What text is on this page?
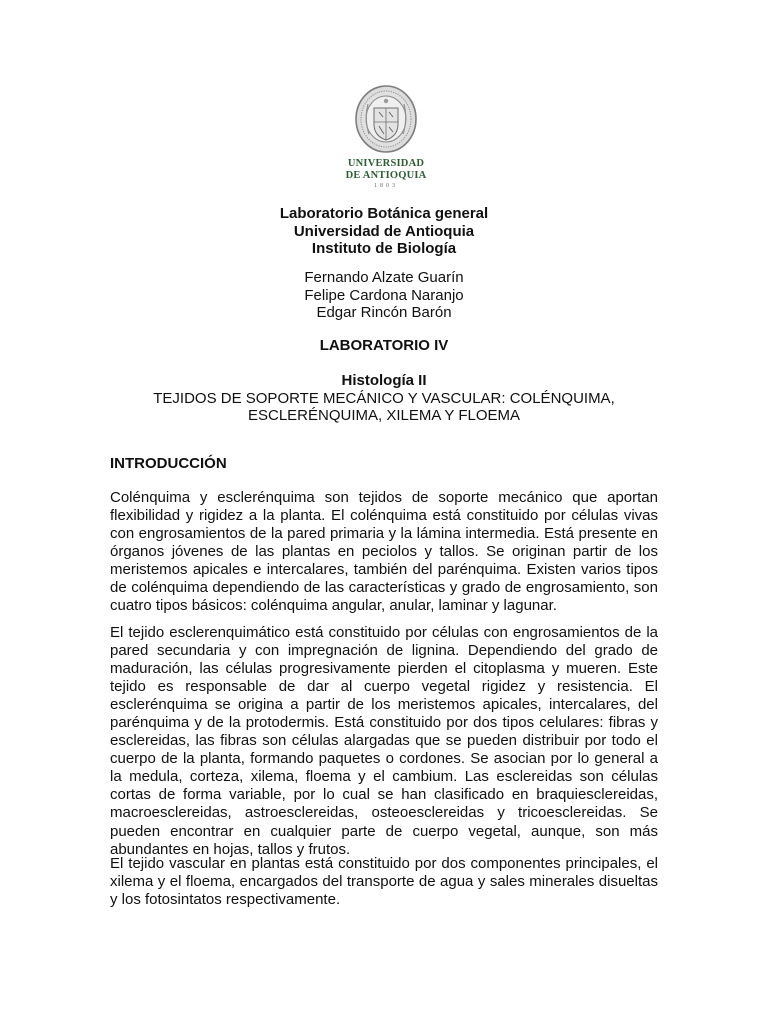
UNIVERSIDAD
DE ANTIOQUIA
1803
Laboratorio Botánica general
Universidad de Antioquia
Instituto de Biología
Fernando Alzate Guarín
Felipe Cardona Naranjo
Edgar Rincón Barón
LABORATORIO IV
Histología II
TEJIDOS DE SOPORTE MECÁNICO Y VASCULAR: COLÉNQUIMA,
ESCLERÉNQUIMA, XILEMA Y FLOEMA
INTRODUCCIÓN

Colénquima y esclerénquima son tejidos de soporte mecánico que aportan flexibilidad y rigidez a la planta. El colénquima está constituido por células vivas con engrosamientos de la pared primaria y la lámina intermedia. Está presente en órganos jóvenes de las plantas en peciolos y tallos. Se originan partir de los meristemos apicales e intercalares, también del parénquima. Existen varios tipos de colénquima dependiendo de las características y grado de engrosamiento, son cuatro tipos básicos: colénquima angular, anular, laminar y lagunar.

El tejido esclerenquimático está constituido por células con engrosamientos de la pared secundaria y con impregnación de lignina. Dependiendo del grado de maduración, las células progresivamente pierden el citoplasma y mueren. Este tejido es responsable de dar al cuerpo vegetal rigidez y resistencia. El esclerénquima se origina a partir de los meristemos apicales, intercalares, del parénquima y de la protodermis. Está constituido por dos tipos celulares: fibras y esclereidas, las fibras son células alargadas que se pueden distribuir por todo el cuerpo de la planta, formando paquetes o cordones. Se asocian por lo general a la medula, corteza, xilema, floema y el cambium. Las esclereidas son células cortas de forma variable, por lo cual se han clasificado en braquiesclereidas, macroesclereidas, astroesclereidas, osteoesclereidas y tricoesclereidas. Se pueden encontrar en cualquier parte de cuerpo vegetal, aunque, son más abundantes en hojas, tallos y frutos.

El tejido vascular en plantas está constituido por dos componentes principales, el xilema y el floema, encargados del transporte de agua y sales minerales disueltas y los fotosintatos respectivamente.
